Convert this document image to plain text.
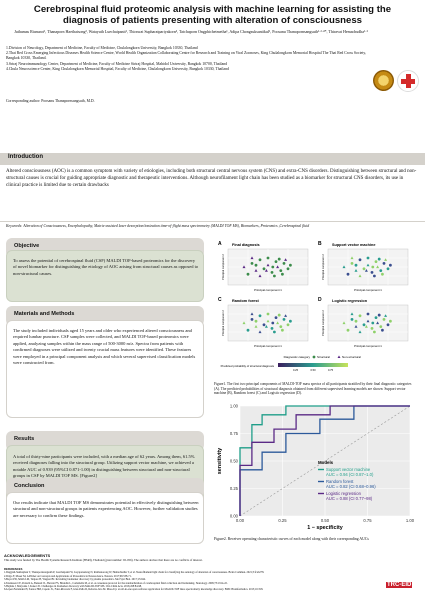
Cerebrospinal fluid proteomic analysis with machine learning for assisting the
diagnosis of patients presenting with alteration of consciousness
Juthamas Rianurot¹, Thanaporn Haethaisong², Watayuth Luechaipanit¹, Thirawat Supharatpariyakorn³, Tatchaporn Ongphichetmetha¹, Adipa Chongsuksantikul¹, Poosanu Thanapornsangsuth¹·²·⁴*, Thiravat Hemachudha¹·²
1.Division of Neurology, Department of Medicine, Faculty of Medicine, Chulalongkorn University, Bangkok 10330, Thailand
2.Thai Red Cross Emerging Infectious Diseases Health Science Centre, World Health Organization Collaborating Centre for Research and Training on Viral Zoonoses, King Chulalongkorn Memorial Hospital The Thai Red Cross Society, Bangkok 10330, Thailand.
3.Sriraj Neuroimmunology Center, Department of Medicine, Faculty of Medicine Siriraj Hospital, Mahidol University, Bangkok 10700, Thailand
4.Chula Neuroscience Center, King Chulalongkorn Memorial Hospital, Faculty of Medicine, Chulalongkorn University, Bangkok 10330, Thailand
Corresponding author: Poosanu Thanapornsangsuth, M.D.
Introduction

Altered consciousness (AOC) is a common symptom with variety of etiologies, including both structural central nervous system (CNS) and extra-CNS disorders. Distinguishing between structural and non-structural causes is crucial for guiding appropriate diagnostic and therapeutic interventions. Although neurofilament light chain has been studied as a biomarker for structural CNS disorders, its use in clinical practice is limited due to certain drawbacks

Keywords: Alteration of Consciousness, Encephalopathy, Matrix-assisted laser desorption/ionization time-of-flight mass spectrometry (MALDI TOF MS), Biomarkers, Proteomics ,Cerebrospinal fluid
Objective

To assess the potential of cerebrospinal fluid (CSF) MALDI TOF-based proteomics for the discovery of novel biomarker for distinguishing the etiology of AOC arising from structural causes as opposed to non-structural causes.

Materials and Methods

The study included individuals aged 15 years and older who experienced altered consciousness and required lumbar puncture. CSF samples were collected, and MALDI TOF-based proteomics were applied, analyzing samples within the mass range of 500-3000 m/z. Spectra from patients with confirmed diagnoses were utilized and twenty crucial mass features were identified. These features were employed in a principal component analysis and which several supervised classification models were constructed from.

Results

A total of thirty-nine participants were included, with a median age of 62 years. Among them, 61.5% received diagnoses falling into the structural group. Utilizing support vector machine, we achieved a notable AUC of 0.939 (95%CI 0.871-1.00) in distinguishing between structural and non-structural groups in CSF by MALDI TOF MS. [Figure2]

Conclusion

Our results indicate that MALDI TOF MS demonstrates potential in effectively distinguishing between structural and non-structural groups in patients experiencing AOC. However, further validation studies are necessary to confirm these findings.

A	Final diagnosis
Principal component 1
Principal component 2
B	Support vector machine
Principal component 1
Principal component 2
C	Random forest
Principal component 1
Principal component 2
D	Logistic regression
Principal component 1
Principal component 2
Diagnostic category Structural	Non-structural
Predicted probability of structural diagnosis
0.25	0.50	0.75
Figure1. The first two principal components of MALDI-TOF mass spectra of all participants stratified by their final diagnostic categories (A). The predicted probabilities of structural diagnosis obtained from different supervised learning models are shown: Support vector machine (B), Random forest (C) and Logistic regression (D).
0.00	0.25	0.50	0.75	1.00
0.00
0.25
0.50
0.75
1.00
1 − specificity
sensitivity	Models
Support vector machine
AUC = 0.94 (CI 0.87–1.0)
Random forest
AUC = 0.82 (CI 0.68–0.96)
Logistic regression
AUC = 0.88 (CI 0.77–98)
Figure2. Receiver operating characteristic curves of each model along with their corresponding AUCs
ACKNOWLEDGEMENTS
This study was funded by The Health Systems Research Institute (HSRI), Thailand (grant number: 65-056). The authors declare that there are no conflicts of interest.
REFERENCES
1.Duggiah-Sukhaphan T, Thanapornsangsuth P, Luechaipanit W, Luyapaisalong N, Ratmanorong W, Hemachudha T, et al. Neurofilament light chain for classifying the aetiology of alteration of consciousness. Brain Commun. 2021;3:fcab278.
2.Drigo F, Moser M, A Primer on Concepts and Applications of Proteomics in Neuroscience. Neuron. 2017;96:558-71.
3.Boyer PD, Smith LM, Tanjore H, Wagner BJ. Revisiting biomarker discovery by plasma proteomics. Mol Syst Biol. 2017;13:942.
4.Teunissen CE, Petzold A, Bennett JL, Berven FS, Brundin L, Comabella M, et al. A consensus protocol for the standardization of cerebrospinal fluid collection and biobanking. Neurology. 2009;73:1914-22.
5.Hajduk J, Matysiak J, Kokot ZJ. Challenges in biomarker discovery with MALDI-TOF MS. Clin Chim Acta. 2016;458:84-98.
6.López-Fernández H, Santos HM, Capelo JL, Fdez-Riverola F, Glez-Peña D, Reboiro-Jato M. Mass-Up: an all-in-one open software application for MALDI-TOF mass spectrometry knowledge discovery. BMC Bioinformatics. 2015;16:318.
TRC-EID
